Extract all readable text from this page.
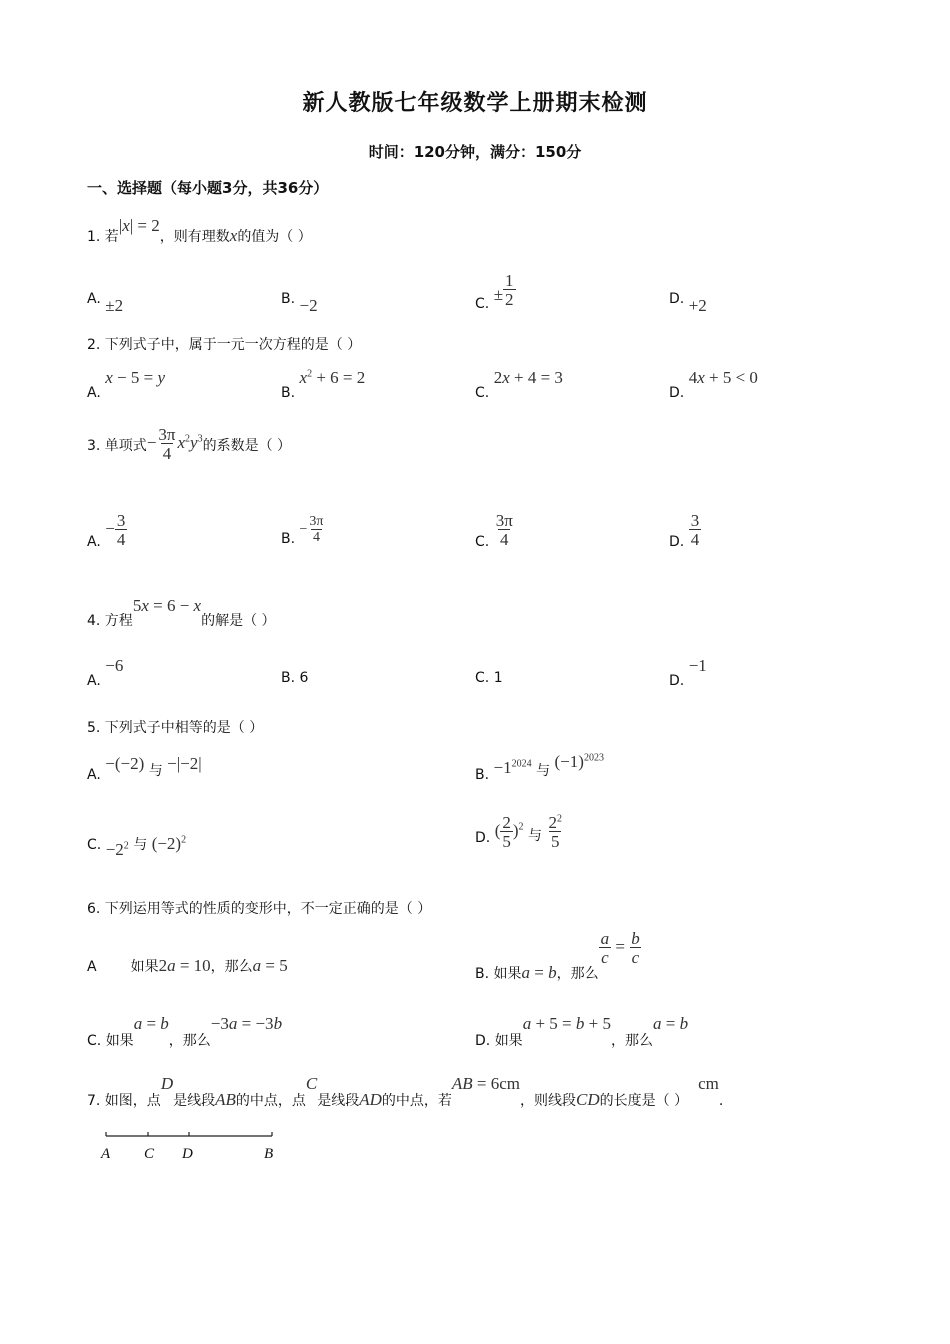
新人教版七年级数学上册期末检测
时间：120分钟，满分：150分
一、选择题（每小题3分，共36分）
1. 若|x| = 2，则有理数x的值为（ ）
A. ±2	B. −2	C. ± $\frac{1}{2}$	D. +2
2. 下列式子中，属于一元一次方程的是（ ）
A. x − 5 = y
B. $x^2 + 6 = 2$
C. 2x + 4 = 3
D. 4x + 5 < 0
3. 单项式− $\frac{3\pi}{4} x^2y^3$的系数是（ ）
A. − $\frac{3}{4}$	B. − $\frac{3\pi}{4}$	C. $\frac{3\pi}{4}$	D. $\frac{3}{4}$
4. 方程5x = 6 − x的解是（ ）
A. −6
B. 6	C. 1	D. −1
5. 下列式子中相等的是（ ）
A. −(−2) 与 −|−2|
B. $-1^{2024}$ 与 $(-1)^{2023}$
C. $-2^2$ 与 $(-2)^2$	D. ( $\frac{2}{5} )^2$ 与 $\frac{2^2}{5}$
6. 下列运用等式的性质的变形中，不一定正确的是（ ）
A 如果2a = 10，那么a = 5	B. 如果a = b，那么
$\frac{a}{c} = \frac{b}{c}$
C. 如果a = b，那么−3a = −3b
D. 如果a + 5 = b + 5，那么a = b
7. 如图，点D是线段AB的中点，点C是线段AD的中点，若AB = 6cm，则线段CD的长度是（ ）cm.
A C D	B
